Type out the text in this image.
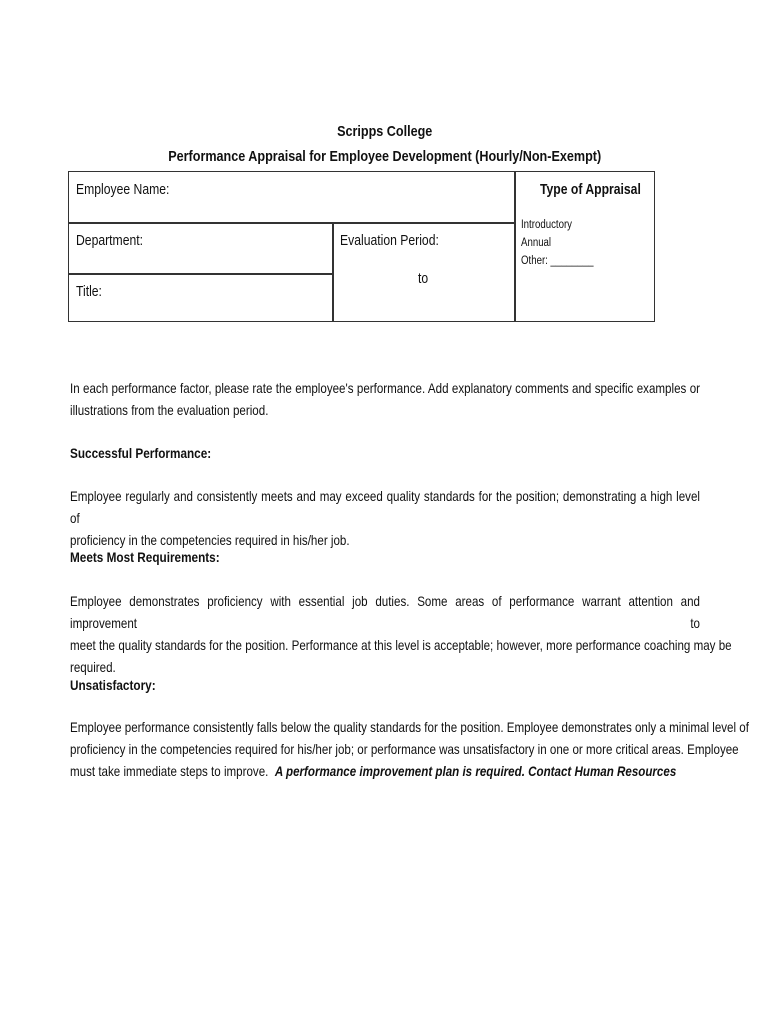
Scripps College
Performance Appraisal for Employee Development (Hourly/Non-Exempt)
Employee Name:
Department:
Title:
Evaluation Period:
to
Type of Appraisal
Introductory
Annual
Other: ________
In each performance factor, please rate the employee's performance. Add explanatory comments and specific examples or
illustrations from the evaluation period.
Successful Performance:
Employee regularly and consistently meets and may exceed quality standards for the position; demonstrating a high level of
proficiency in the competencies required in his/her job.
Meets Most Requirements:
Employee demonstrates proficiency with essential job duties. Some areas of performance warrant attention and improvement to
meet the quality standards for the position. Performance at this level is acceptable; however, more performance coaching may be
required.
Unsatisfactory:
Employee performance consistently falls below the quality standards for the position. Employee demonstrates only a minimal level of
proficiency in the competencies required for his/her job; or performance was unsatisfactory in one or more critical areas. Employee
must take immediate steps to improve. A performance improvement plan is required. Contact Human Resources
